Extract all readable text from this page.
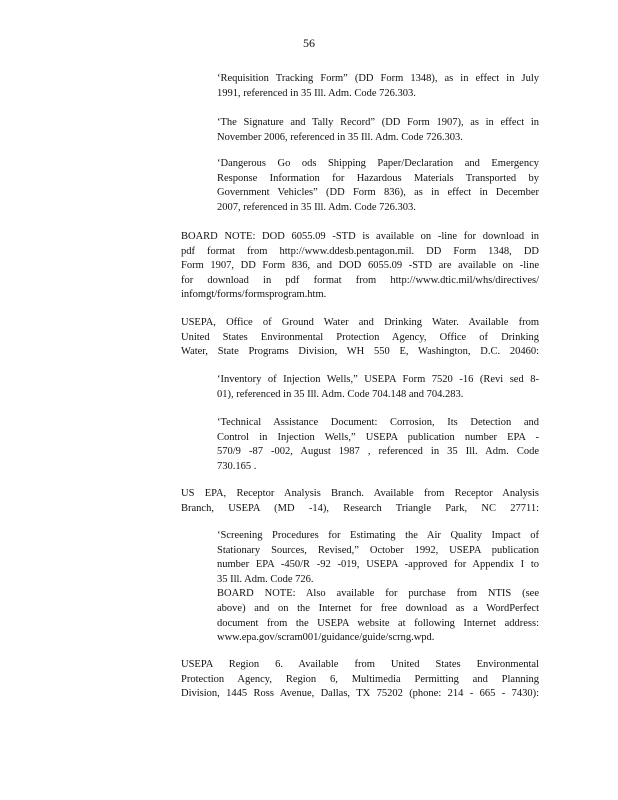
56
‘Requisition Tracking Form” (DD Form 1348), as in effect in July
1991, referenced in 35 Ill. Adm. Code 726.303.
‘The Signature and Tally Record” (DD Form 1907), as in effect in
November 2006, referenced in 35 Ill. Adm. Code 726.303.
‘Dangerous Go ods Shipping Paper/Declaration and Emergency
Response Information for Hazardous Materials Transported by
Government Vehicles” (DD Form 836), as in effect in December
2007, referenced in 35 Ill. Adm. Code 726.303.
BOARD NOTE: DOD 6055.09 -STD is available on -line for download in
pdf format from http://www.ddesb.pentagon.mil. DD Form 1348, DD
Form 1907, DD Form 836, and DOD 6055.09 -STD are available on -line
for download in pdf format from http://www.dtic.mil/whs/directives/
infomgt/forms/formsprogram.htm.
USEPA, Office of Ground Water and Drinking Water. Available from
United States Environmental Protection Agency, Office of Drinking
Water, State Programs Division, WH 550 E, Washington, D.C. 20460:
‘Inventory of Injection Wells,” USEPA Form 7520 -16 (Revi sed 8-
01), referenced in 35 Ill. Adm. Code 704.148 and 704.283.
‘Technical Assistance Document: Corrosion, Its Detection and
Control in Injection Wells,” USEPA publication number EPA -
570/9 -87 -002, August 1987 , referenced in 35 Ill. Adm. Code
730.165 .
US EPA, Receptor Analysis Branch. Available from Receptor Analysis
Branch, USEPA (MD -14), Research Triangle Park, NC 27711:
‘Screening Procedures for Estimating the Air Quality Impact of
Stationary Sources, Revised,” October 1992, USEPA publication
number EPA -450/R -92 -019, USEPA -approved for Appendix I to
35 Ill. Adm. Code 726.
BOARD NOTE: Also available for purchase from NTIS (see
above) and on the Internet for free download as a WordPerfect
document from the USEPA website at following Internet address:
www.epa.gov/scram001/guidance/guide/scrng.wpd.
USEPA Region 6. Available from United States Environmental
Protection Agency, Region 6, Multimedia Permitting and Planning
Division, 1445 Ross Avenue, Dallas, TX 75202 (phone: 214 - 665 - 7430):
